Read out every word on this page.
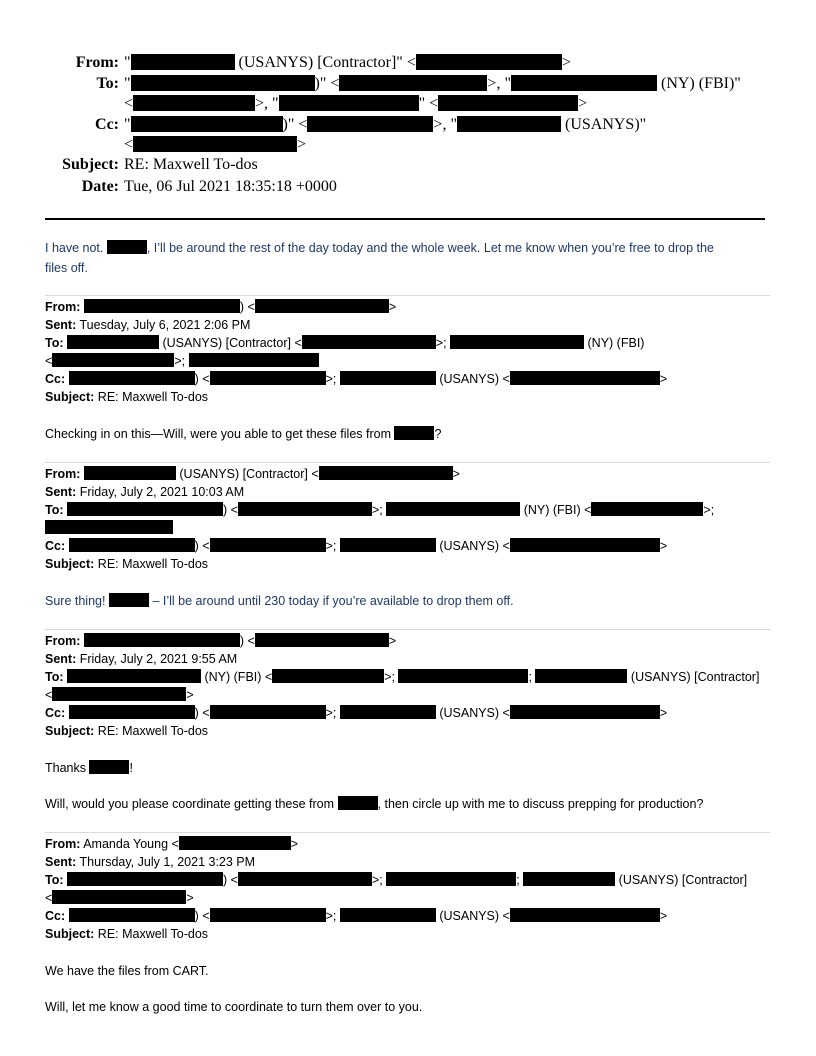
From: "	(USANYS) [Contractor]" <	>
To: "	)" <	>, "	(NY) (FBI)"
<	>, "	" <	>
Cc: "	)" <	>, "	(USANYS)"
<	>
Subject: RE: Maxwell To-dos
Date: Tue, 06 Jul 2021 18:35:18 +0000
I have not.	, I’ll be around the rest of the day today and the whole week. Let me know when you’re free to drop the
files off.
From:	) <	>
Sent: Tuesday, July 6, 2021 2:06 PM
To:	(USANYS) [Contractor] <	>;	(NY) (FBI)
<	>;
Cc:	) <	>;	(USANYS) <	>
Subject: RE: Maxwell To-dos
Checking in on this—Will, were you able to get these files from	?
From:	(USANYS) [Contractor] <	>
Sent: Friday, July 2, 2021 10:03 AM
To:	) <	>;	(NY) (FBI) <	>;
Cc:	) <	>;	(USANYS) <	>
Subject: RE: Maxwell To-dos
Sure thing!	– I’ll be around until 230 today if you’re available to drop them off.
From:	) <	>
Sent: Friday, July 2, 2021 9:55 AM
To:	(NY) (FBI) <	>;	;	(USANYS) [Contractor]
<	>
Cc:	) <	>;	(USANYS) <	>
Subject: RE: Maxwell To-dos
Thanks	!
Will, would you please coordinate getting these from	, then circle up with me to discuss prepping for production?
From: Amanda Young <	>
Sent: Thursday, July 1, 2021 3:23 PM
To:	) <	>;	;	(USANYS) [Contractor]
<	>
Cc:	) <	>;	(USANYS) <	>
Subject: RE: Maxwell To-dos
We have the files from CART.
Will, let me know a good time to coordinate to turn them over to you.
